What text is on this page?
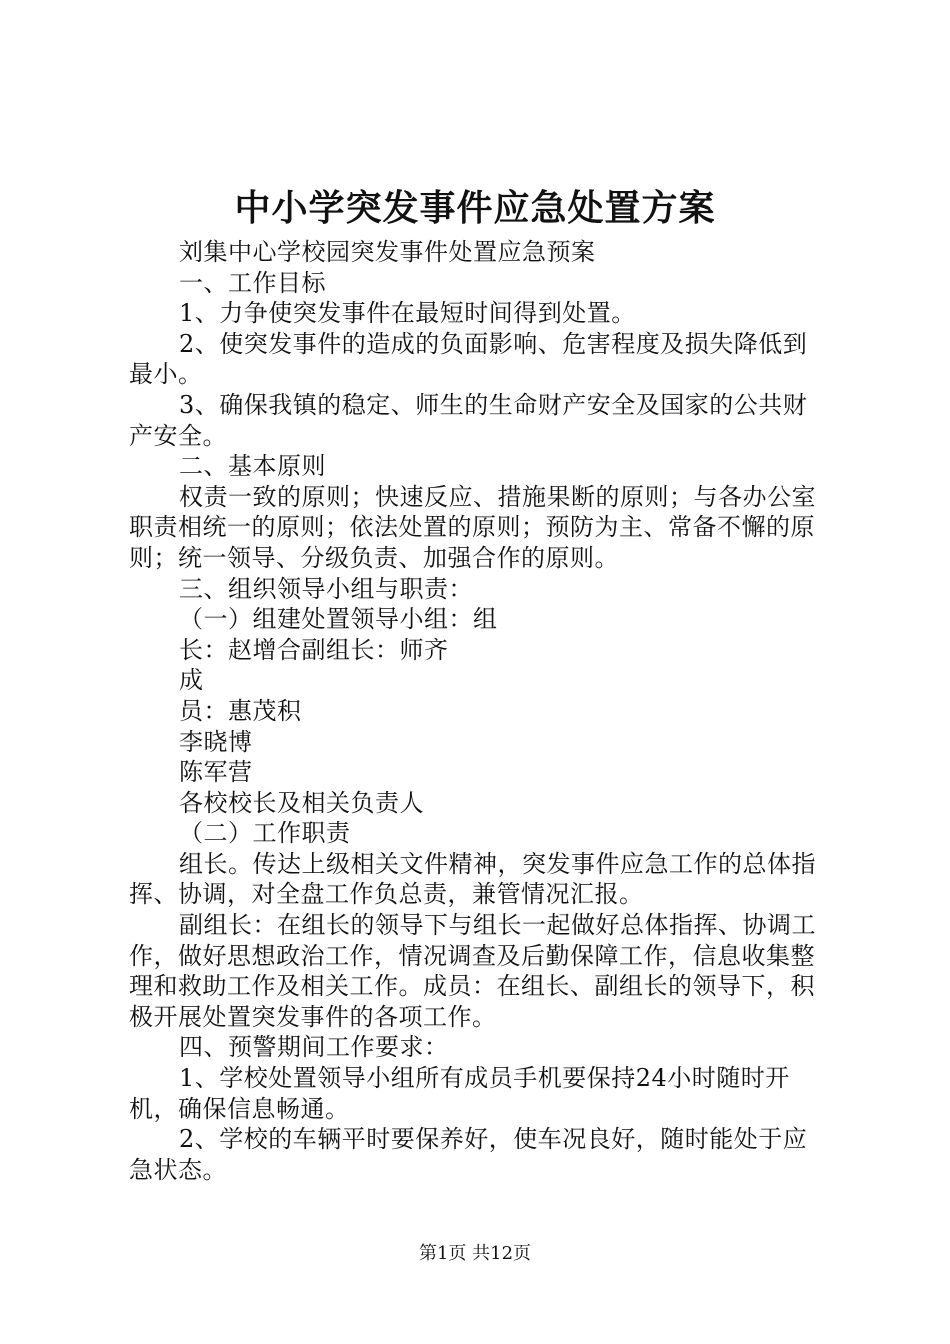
中小学突发事件应急处置方案

刘集中心学校园突发事件处置应急预案

一、工作目标

1、力争使突发事件在最短时间得到处置。

2、使突发事件的造成的负面影响、危害程度及损失降低到最小。

3、确保我镇的稳定、师生的生命财产安全及国家的公共财产安全。

二、基本原则

权责一致的原则；快速反应、措施果断的原则；与各办公室职责相统一的原则；依法处置的原则；预防为主、常备不懈的原则；统一领导、分级负责、加强合作的原则。

三、组织领导小组与职责：

（一）组建处置领导小组：组

长：赵增合副组长：师齐

成

员：惠茂积

李晓博

陈军营

各校校长及相关负责人

（二）工作职责

组长。传达上级相关文件精神，突发事件应急工作的总体指挥、协调，对全盘工作负总责，兼管情况汇报。

副组长：在组长的领导下与组长一起做好总体指挥、协调工作，做好思想政治工作，情况调查及后勤保障工作，信息收集整理和救助工作及相关工作。成员：在组长、副组长的领导下，积极开展处置突发事件的各项工作。

四、预警期间工作要求：

1、学校处置领导小组所有成员手机要保持24小时随时开机，确保信息畅通。

2、学校的车辆平时要保养好，使车况良好，随时能处于应急状态。

第1页 共12页
